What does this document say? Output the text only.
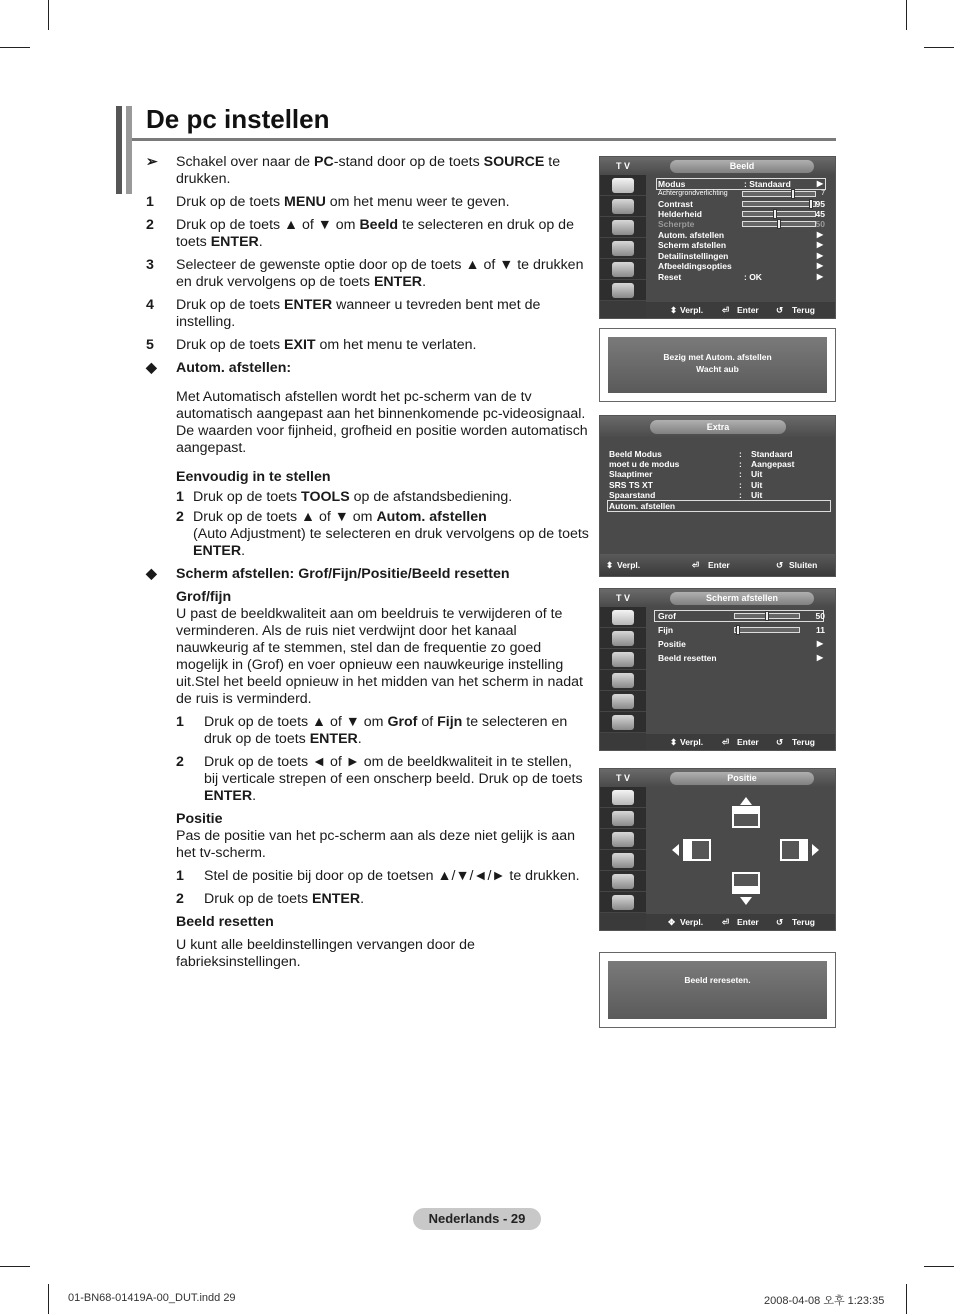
De pc instellen
➢ Schakel over naar de PC-stand door op de toets SOURCE te drukken.
1 Druk op de toets MENU om het menu weer te geven.
2 Druk op de toets ▲ of ▼ om Beeld te selecteren en druk op de toets ENTER.
3 Selecteer de gewenste optie door op de toets ▲ of ▼ te drukken en druk vervolgens op de toets ENTER.
4 Druk op de toets ENTER wanneer u tevreden bent met de instelling.
5 Druk op de toets EXIT om het menu te verlaten.
◆ Autom. afstellen:
Met Automatisch afstellen wordt het pc-scherm van de tv automatisch aangepast aan het binnenkomende pc-videosignaal.
De waarden voor fijnheid, grofheid en positie worden automatisch aangepast.
Eenvoudig in te stellen
1 Druk op de toets TOOLS op de afstandsbediening.
2 Druk op de toets ▲ of ▼ om Autom. afstellen
(Auto Adjustment) te selecteren en druk vervolgens op de toets ENTER.
◆ Scherm afstellen: Grof/Fijn/Positie/Beeld resetten
Grof/fijn
U past de beeldkwaliteit aan om beeldruis te verwijderen of te verminderen. Als de ruis niet verdwijnt door het kanaal nauwkeurig af te stemmen, stel dan de frequentie zo goed mogelijk in (Grof) en voer opnieuw een nauwkeurige instelling uit.Stel het beeld opnieuw in het midden van het scherm in nadat de ruis is verminderd.
1 Druk op de toets ▲ of ▼ om Grof of Fijn te selecteren en druk op de toets ENTER.
2 Druk op de toets ◄ of ► om de beeldkwaliteit in te stellen, bij verticale strepen of een onscherp beeld. Druk op de toets ENTER.
Positie
Pas de positie van het pc-scherm aan als deze niet gelijk is aan het tv-scherm.
1 Stel de positie bij door op de toetsen ▲/▼/◄/► te drukken.
2 Druk op de toets ENTER.
Beeld resetten
U kunt alle beeldinstellingen vervangen door de fabrieksinstellingen.
T V	Beeld
Modus	: Standaard	▶
Achtergrondverlichting	7
Contrast	95
Helderheid	45
Scherpte	50
Autom. afstellen	▶
Scherm afstellen	▶
Detailinstellingen	▶
Afbeeldingsopties	▶
Reset	: OK	▶
⬍ Verpl. ⏎ Enter ↺ Terug
Bezig met Autom. afstellen
Wacht aub
Extra
Beeld Modus	: Standaard
moet u de modus	: Aangepast
Slaaptimer	: Uit
SRS TS XT	: Uit
Spaarstand	: Uit
Autom. afstellen
⬍ Verpl.	⏎ Enter	↺ Sluiten
T V	Scherm afstellen
Grof	50
Fijn	11
Positie	▶
Beeld resetten	▶
⬍ Verpl. ⏎ Enter ↺ Terug
T V	Positie
✥ Verpl. ⏎ Enter ↺ Terug
Beeld rereseten.
Nederlands - 29
01-BN68-01419A-00_DUT.indd 29	2008-04-08 오후 1:23:35
